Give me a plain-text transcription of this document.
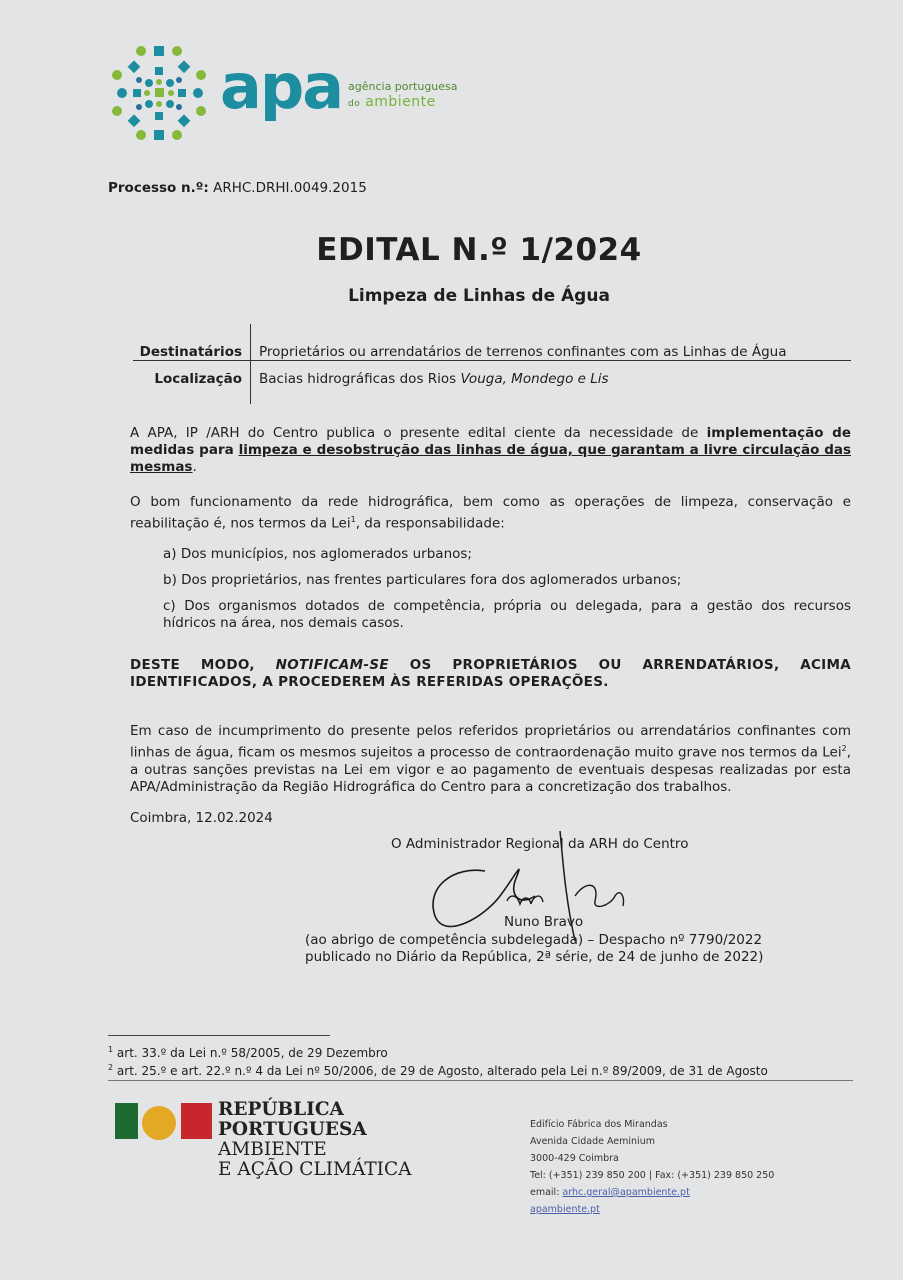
apa agência portuguesa
do ambiente
Processo n.º: ARHC.DRHI.0049.2015
EDITAL N.º 1/2024
Limpeza de Linhas de Água
Destinatários Proprietários ou arrendatários de terrenos confinantes com as Linhas de Água
Localização Bacias hidrográficas dos Rios Vouga, Mondego e Lis
A APA, IP /ARH do Centro publica o presente edital ciente da necessidade de implementação de medidas para limpeza e desobstrução das linhas de água, que garantam a livre circulação das mesmas.
O bom funcionamento da rede hidrográfica, bem como as operações de limpeza, conservação e reabilitação é, nos termos da Lei$^1$, da responsabilidade:
a) Dos municípios, nos aglomerados urbanos;
b) Dos proprietários, nas frentes particulares fora dos aglomerados urbanos;
c) Dos organismos dotados de competência, própria ou delegada, para a gestão dos recursos hídricos na área, nos demais casos.
DESTE MODO, NOTIFICAM-SE OS PROPRIETÁRIOS OU ARRENDATÁRIOS, ACIMA IDENTIFICADOS, A PROCEDEREM ÀS REFERIDAS OPERAÇÕES.
Em caso de incumprimento do presente pelos referidos proprietários ou arrendatários confinantes com linhas de água, ficam os mesmos sujeitos a processo de contraordenação muito grave nos termos da Lei$^2$, a outras sanções previstas na Lei em vigor e ao pagamento de eventuais despesas realizadas por esta APA/Administração da Região Hidrográfica do Centro para a concretização dos trabalhos.
Coimbra, 12.02.2024
O Administrador Regional da ARH do Centro
Nuno Bravo
(ao abrigo de competência subdelegada) – Despacho nº 7790/2022
publicado no Diário da República, 2ª série, de 24 de junho de 2022)
$^1$ art. 33.º da Lei n.º 58/2005, de 29 Dezembro
$^2$ art. 25.º e art. 22.º n.º 4 da Lei nº 50/2006, de 29 de Agosto, alterado pela Lei n.º 89/2009, de 31 de Agosto
REPÚBLICA
PORTUGUESA
AMBIENTE
E AÇÃO CLIMÁTICA
Edifício Fábrica dos Mirandas
Avenida Cidade Aeminium
3000-429 Coimbra
Tel: (+351) 239 850 200 | Fax: (+351) 239 850 250
email: arhc.geral@apambiente.pt
apambiente.pt
